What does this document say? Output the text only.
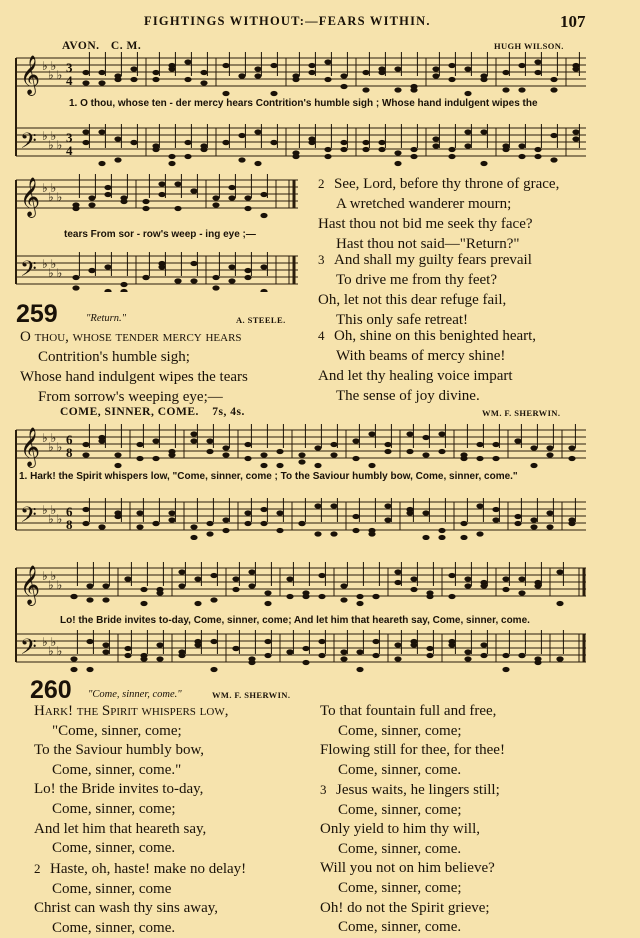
FIGHTINGS WITHOUT:—FEARS WITHIN.	107
AVON. C. M.	HUGH WILSON.
𝄞
𝄢
♭ ♭
♭ ♭
♭ ♭
♭ ♭
3
4
3
4
1. O thou, whose ten - der mercy hears Contrition's humble sigh ; Whose hand indulgent wipes the
𝄞
𝄢
♭ ♭
♭ ♭
♭ ♭
♭ ♭
tears From sor - row's weep - ing eye ;—
259	"Return."	A. STEELE.
O thou, whose tender mercy hears
Contrition's humble sigh;
Whose hand indulgent wipes the tears
From sorrow's weeping eye;—
2 See, Lord, before thy throne of grace,
A wretched wanderer mourn;
Hast thou not bid me seek thy face?
Hast thou not said—"Return?"
3 And shall my guilty fears prevail
To drive me from thy feet?
Oh, let not this dear refuge fail,
This only safe retreat!
4 Oh, shine on this benighted heart,
With beams of mercy shine!
And let thy healing voice impart
The sense of joy divine.
COME, SINNER, COME. 7s, 4s.	WM. F. SHERWIN.
𝄞
𝄢
♭ ♭
♭ ♭
♭ ♭
♭ ♭
6
8
6
8
1. Hark! the Spirit whispers low, "Come, sinner, come ; To the Saviour humbly bow, Come, sinner, come."
𝄞
𝄢
♭ ♭
♭ ♭
♭ ♭
♭ ♭
Lo! the Bride invites to-day, Come, sinner, come; And let him that heareth say, Come, sinner, come.
260 "Come, sinner, come."	WM. F. SHERWIN.
Hark! the Spirit whispers low,
"Come, sinner, come;
To the Saviour humbly bow,
Come, sinner, come."
Lo! the Bride invites to-day,
Come, sinner, come;
And let him that heareth say,
Come, sinner, come.
2 Haste, oh, haste! make no delay!
Come, sinner, come
Christ can wash thy sins away,
Come, sinner, come.
To that fountain full and free,
Come, sinner, come;
Flowing still for thee, for thee!
Come, sinner, come.
3 Jesus waits, he lingers still;
Come, sinner, come;
Only yield to him thy will,
Come, sinner, come.
Will you not on him believe?
Come, sinner, come;
Oh! do not the Spirit grieve;
Come, sinner, come.
